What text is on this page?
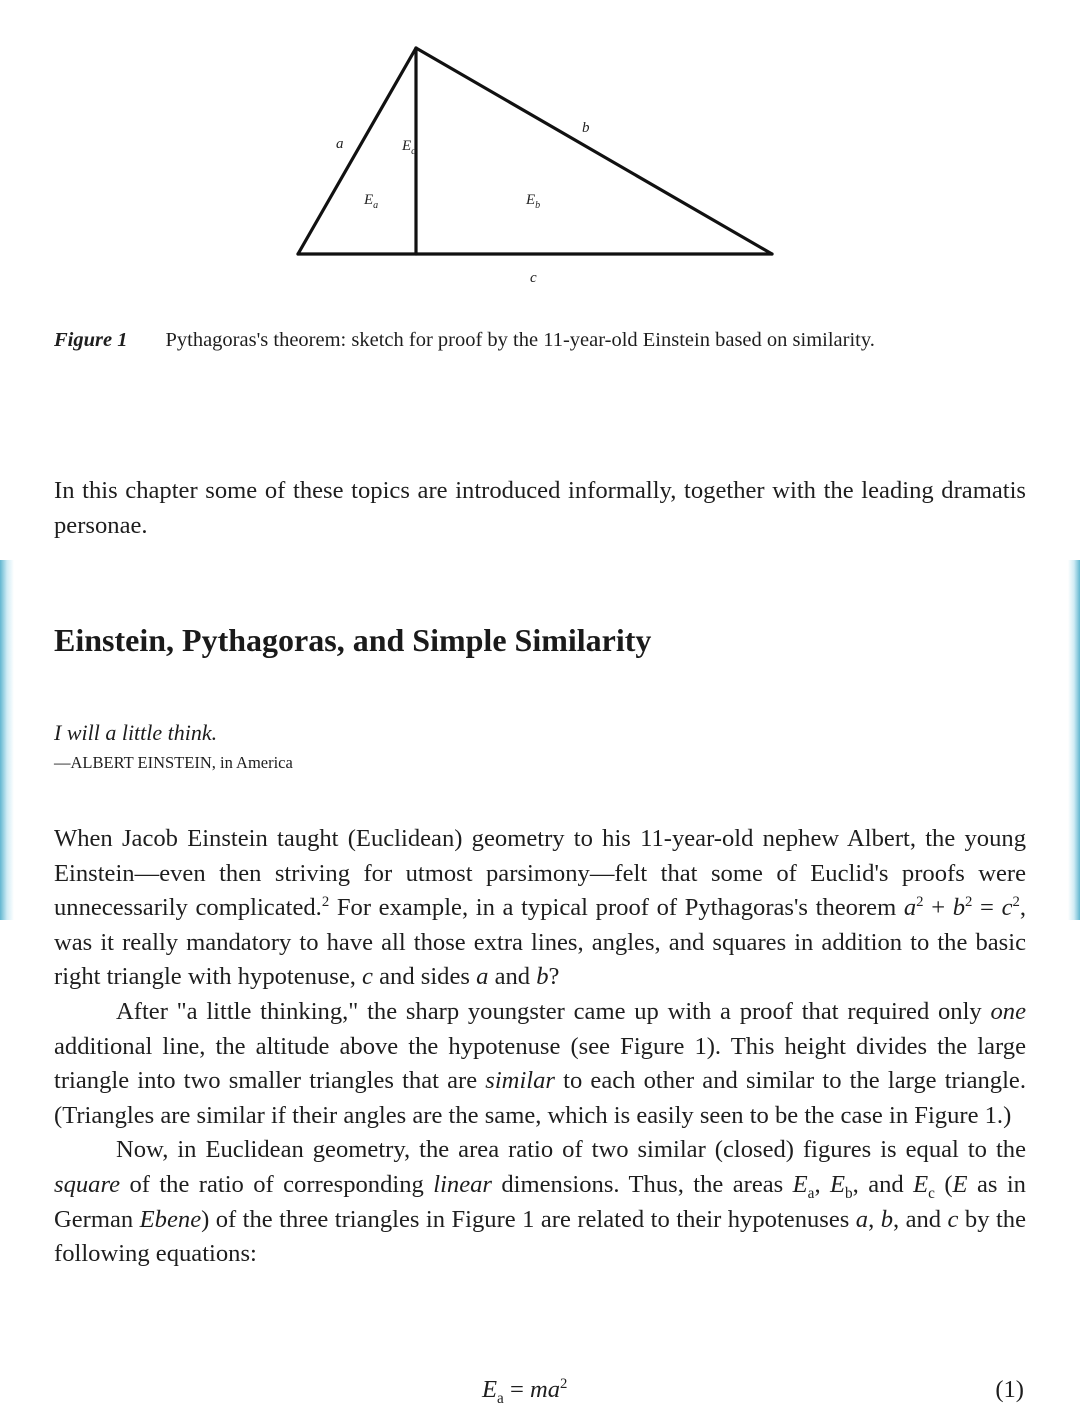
a
b
c
$E_c$
$E_a$	$E_b$
Figure 1 Pythagoras's theorem: sketch for proof by the 11-year-old Einstein based on similarity.

In this chapter some of these topics are introduced informally, together with the leading dramatis personae.

Einstein, Pythagoras, and Simple Similarity
I will a little think.
—ALBERT EINSTEIN, in America

When Jacob Einstein taught (Euclidean) geometry to his 11-year-old nephew Albert, the young Einstein—even then striving for utmost parsimony—felt that some of Euclid's proofs were unnecessarily complicated.$^2$ For example, in a typical proof of Pythagoras's theorem $a^2 + b^2 = c^2$, was it really mandatory to have all those extra lines, angles, and squares in addition to the basic right triangle with hypotenuse, c and sides a and b?

After "a little thinking," the sharp youngster came up with a proof that required only one additional line, the altitude above the hypotenuse (see Figure 1). This height divides the large triangle into two smaller triangles that are similar to each other and similar to the large triangle. (Triangles are similar if their angles are the same, which is easily seen to be the case in Figure 1.)

Now, in Euclidean geometry, the area ratio of two similar (closed) figures is equal to the square of the ratio of corresponding linear dimensions. Thus, the areas $E_a$, $E_b$, and $E_c$ (E as in German Ebene) of the three triangles in Figure 1 are related to their hypotenuses a, b, and c by the following equations:

$E_a = ma^2$	(1)
